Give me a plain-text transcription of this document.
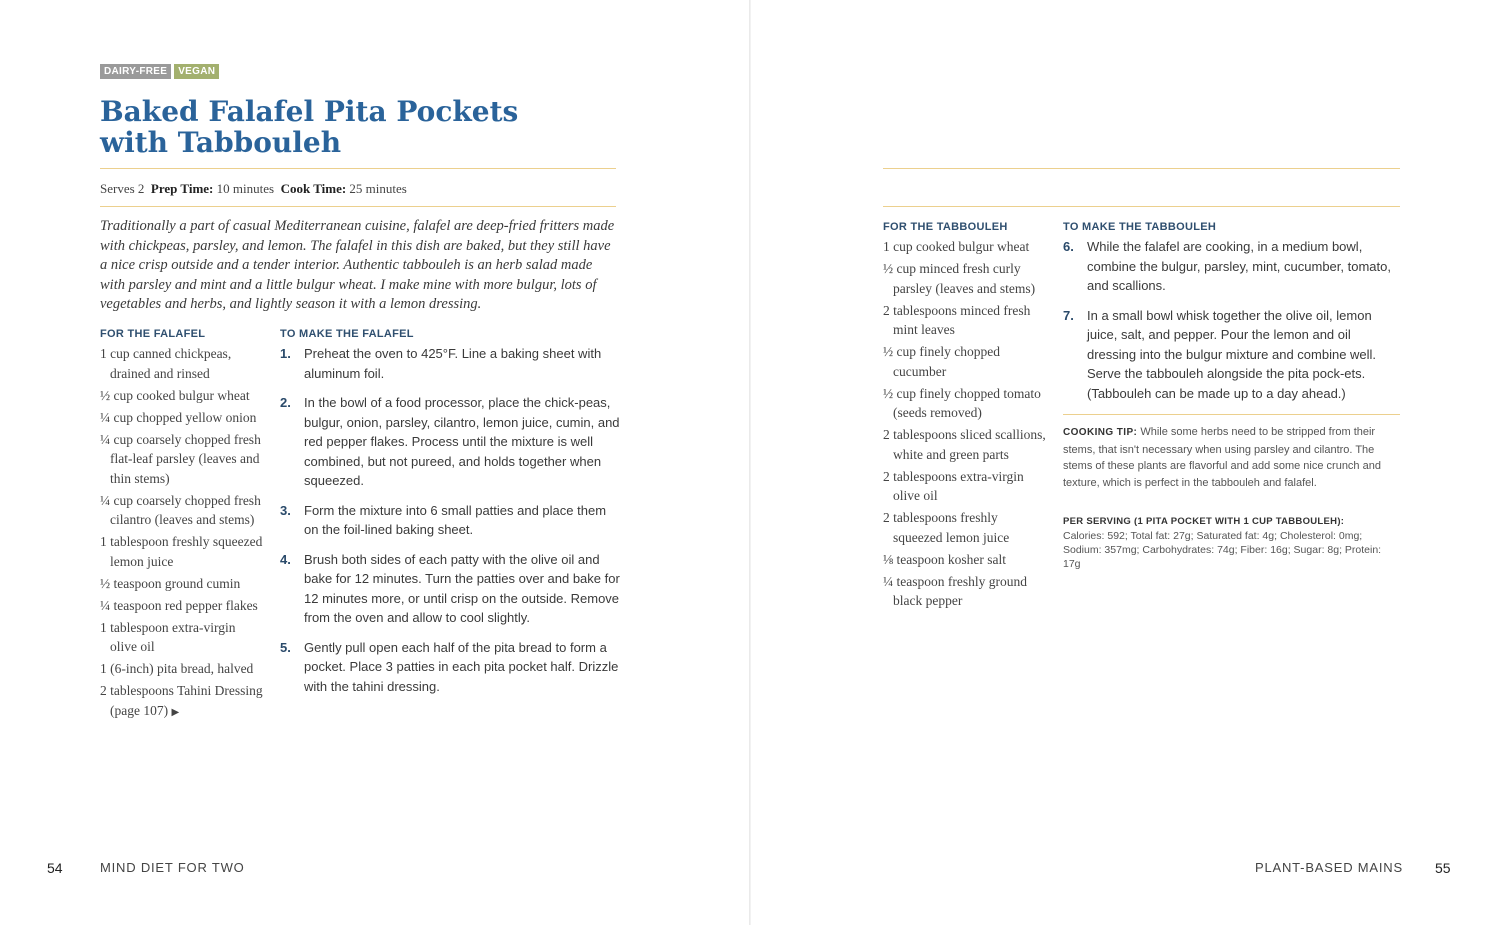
DAIRY-FREE	VEGAN
Baked Falafel Pita Pockets
with Tabbouleh
Serves 2 Prep Time: 10 minutes Cook Time: 25 minutes

Traditionally a part of casual Mediterranean cuisine, falafel are deep-fried fritters made with chickpeas, parsley, and lemon. The falafel in this dish are baked, but they still have a nice crisp outside and a tender interior. Authentic tabbouleh is an herb salad made with parsley and mint and a little bulgur wheat. I make mine with more bulgur, lots of vegetables and herbs, and lightly season it with a lemon dressing.

FOR THE FALAFEL
1 cup canned chickpeas, drained and rinsed
½ cup cooked bulgur wheat
¼ cup chopped yellow onion
¼ cup coarsely chopped fresh flat-leaf parsley (leaves and thin stems)
¼ cup coarsely chopped fresh cilantro (leaves and stems)
1 tablespoon freshly squeezed lemon juice
½ teaspoon ground cumin
¼ teaspoon red pepper flakes
1 tablespoon extra-virgin olive oil
1 (6-inch) pita bread, halved
2 tablespoons Tahini Dressing (page 107) ▶
TO MAKE THE FALAFEL
1.	Preheat the oven to 425°F. Line a baking sheet with aluminum foil.
2.	In the bowl of a food processor, place the chick-peas, bulgur, onion, parsley, cilantro, lemon juice, cumin, and red pepper flakes. Process until the mixture is well combined, but not pureed, and holds together when squeezed.
3.	Form the mixture into 6 small patties and place them on the foil-lined baking sheet.
4.	Brush both sides of each patty with the olive oil and bake for 12 minutes. Turn the patties over and bake for 12 minutes more, or until crisp on the outside. Remove from the oven and allow to cool slightly.
5.	Gently pull open each half of the pita bread to form a pocket. Place 3 patties in each pita pocket half. Drizzle with the tahini dressing.
54	MIND DIET FOR TWO
FOR THE TABBOULEH
1 cup cooked bulgur wheat
½ cup minced fresh curly parsley (leaves and stems)
2 tablespoons minced fresh mint leaves
½ cup finely chopped cucumber
½ cup finely chopped tomato (seeds removed)
2 tablespoons sliced scallions, white and green parts
2 tablespoons extra-virgin olive oil
2 tablespoons freshly squeezed lemon juice
⅛ teaspoon kosher salt
¼ teaspoon freshly ground black pepper
TO MAKE THE TABBOULEH
6.	While the falafel are cooking, in a medium bowl, combine the bulgur, parsley, mint, cucumber, tomato, and scallions.
7.	In a small bowl whisk together the olive oil, lemon juice, salt, and pepper. Pour the lemon and oil dressing into the bulgur mixture and combine well. Serve the tabbouleh alongside the pita pock-ets. (Tabbouleh can be made up to a day ahead.)

COOKING TIP: While some herbs need to be stripped from their stems, that isn't necessary when using parsley and cilantro. The stems of these plants are flavorful and add some nice crunch and texture, which is perfect in the tabbouleh and falafel.

PER SERVING (1 PITA POCKET WITH 1 CUP TABBOULEH):

Calories: 592; Total fat: 27g; Saturated fat: 4g; Cholesterol: 0mg; Sodium: 357mg; Carbohydrates: 74g; Fiber: 16g; Sugar: 8g; Protein: 17g

PLANT-BASED MAINS 55
